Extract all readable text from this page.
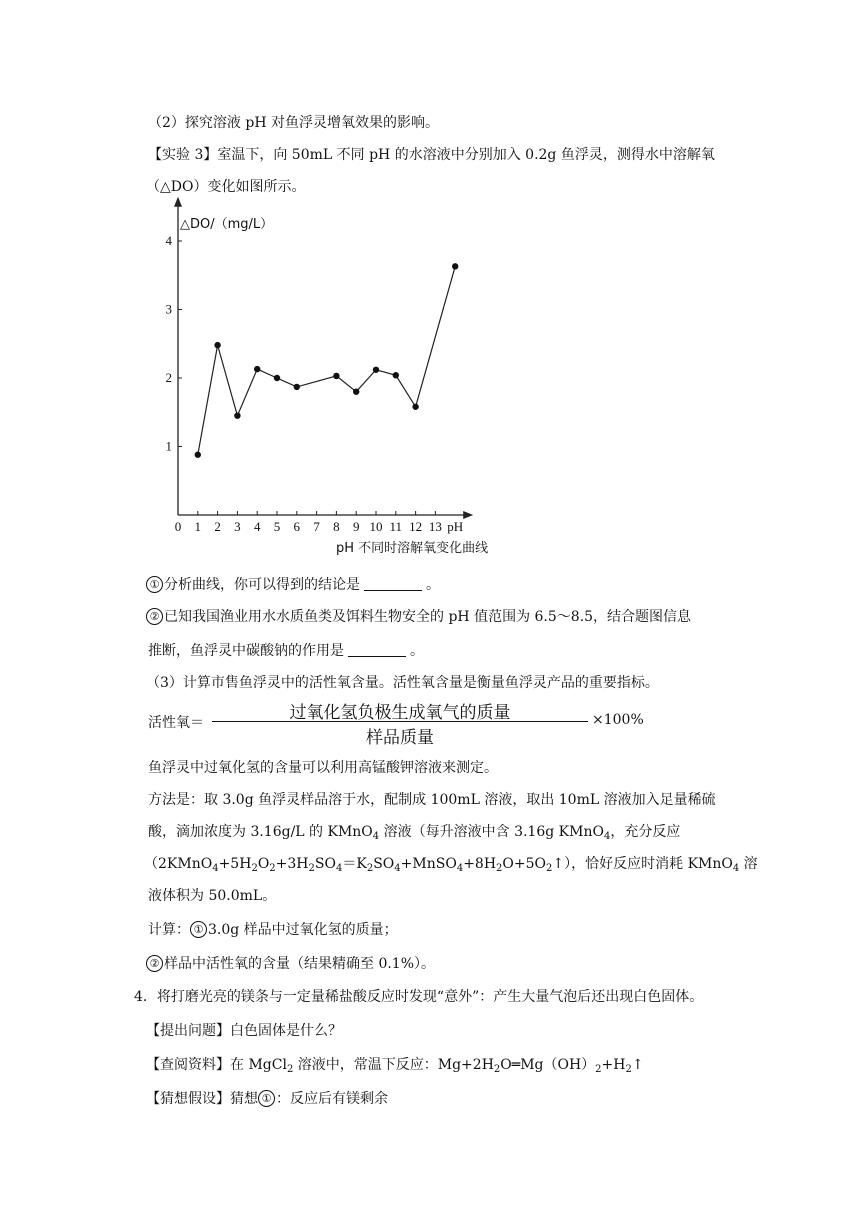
（2）探究溶液 pH 对鱼浮灵增氧效果的影响。
【实验 3】室温下，向 50mL 不同 pH 的水溶液中分别加入 0.2g 鱼浮灵，测得水中溶解氧
（△DO）变化如图所示。
△DO/（mg/L）
0 1 2 3 4 5 6 7 8 9 10 11 12 13
1
2
3
4
pH
pH 不同时溶解氧变化曲线
① 分析曲线，你可以得到的结论是	。
② 已知我国渔业用水水质鱼类及饵料生物安全的 pH 值范围为 6.5～8.5，结合题图信息
推断，鱼浮灵中碳酸钠的作用是	。
（3）计算市售鱼浮灵中的活性氧含量。活性氧含量是衡量鱼浮灵产品的重要指标。
活性氧＝	过氧化氢负极生成氧气的质量
样品质量
×100%
鱼浮灵中过氧化氢的含量可以利用高锰酸钾溶液来测定。
方法是：取 3.0g 鱼浮灵样品溶于水，配制成 100mL 溶液，取出 10mL 溶液加入足量稀硫
酸，滴加浓度为 3.16g/L 的 KMnO$_4$ 溶液（每升溶液中含 3.16g KMnO$_4$，充分反应
$(2KMnO_4+5H_2O_2+3H_2SO_4=K_2SO_4+MnSO_4+8H_2O+5O_2↑)$，恰好反应时消耗 KMnO$_4$ 溶
液体积为 50.0mL。
计算： ① 3.0g 样品中过氧化氢的质量；
② 样品中活性氧的含量（结果精确至 0.1%）。
4．将打磨光亮的镁条与一定量稀盐酸反应时发现“意外”：产生大量气泡后还出现白色固体。
【提出问题】白色固体是什么？
【查阅资料】在 MgCl$_2$ 溶液中，常温下反应：$Mg+2H_2O═Mg(OH)_2+H_2↑$
【猜想假设】猜想 ① ：反应后有镁剩余
